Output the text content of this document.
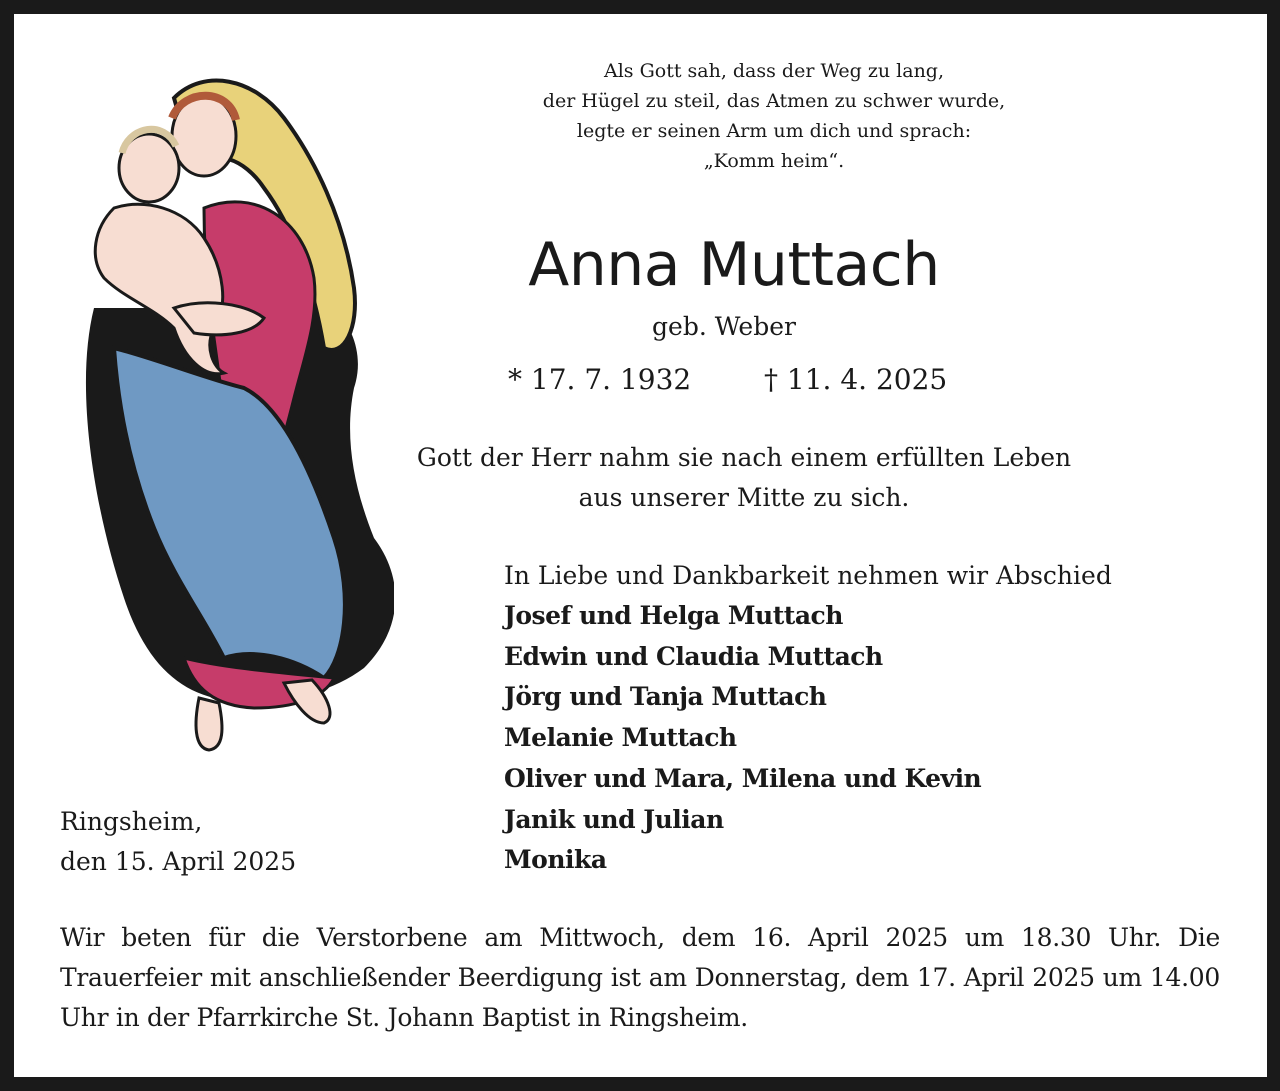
Als Gott sah, dass der Weg zu lang,
der Hügel zu steil, das Atmen zu schwer wurde,
legte er seinen Arm um dich und sprach:
„Komm heim“.
Anna Muttach
geb. Weber
* 17. 7. 1932	† 11. 4. 2025
Gott der Herr nahm sie nach einem erfüllten Leben
aus unserer Mitte zu sich.
In Liebe und Dankbarkeit nehmen wir Abschied
Josef und Helga Muttach
Edwin und Claudia Muttach
Jörg und Tanja Muttach
Melanie Muttach
Oliver und Mara, Milena und Kevin
Janik und Julian
Monika
Ringsheim,
den 15. April 2025
Wir beten für die Verstorbene am Mittwoch, dem 16. April 2025 um 18.30 Uhr. Die Trauerfeier mit anschließender Beerdigung ist am Donnerstag, dem 17. April 2025 um 14.00 Uhr in der Pfarrkirche St. Johann Baptist in Ringsheim.
